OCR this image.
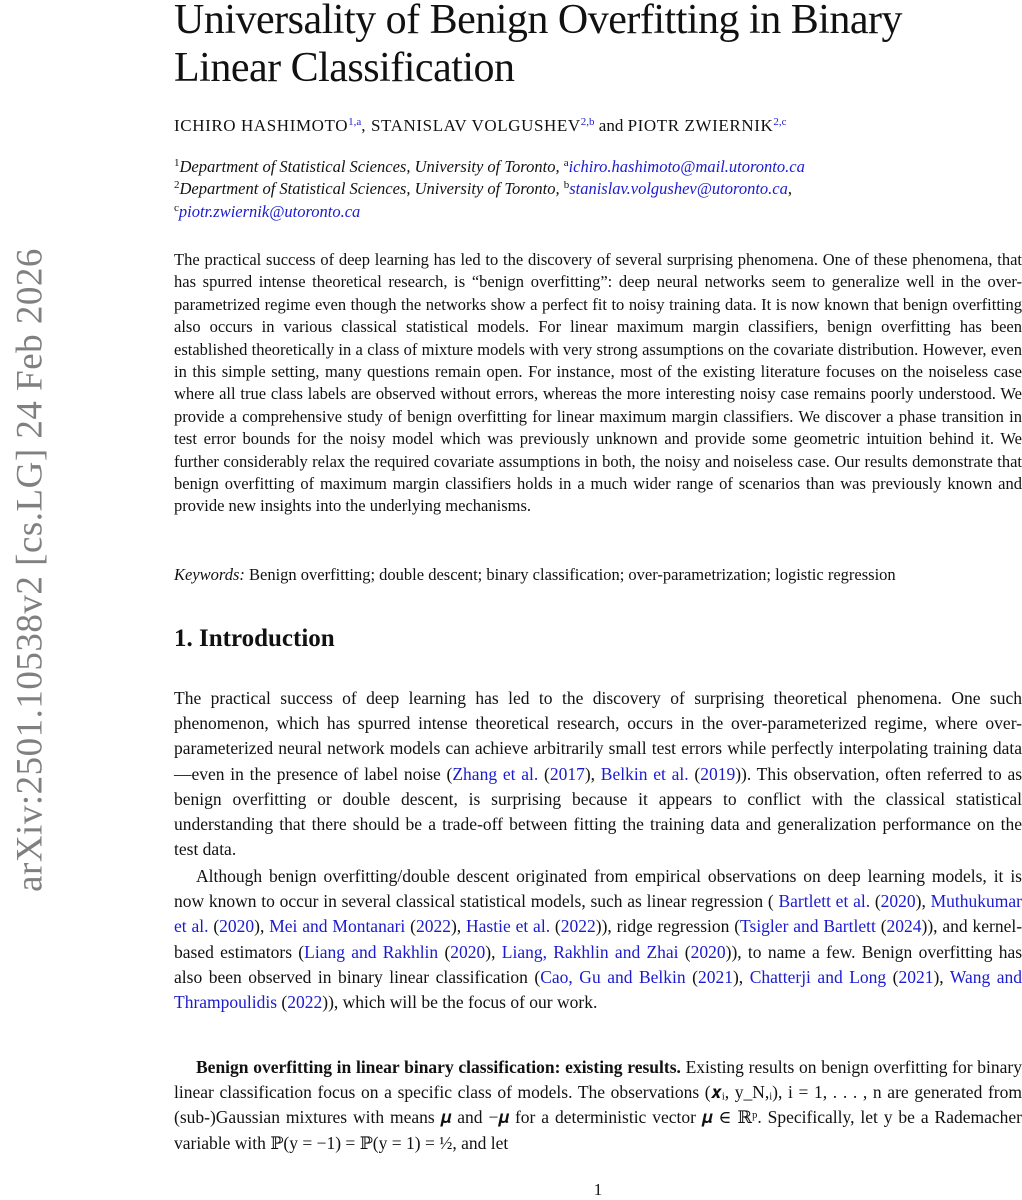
arXiv:2501.10538v2 [cs.LG] 24 Feb 2026
Universality of Benign Overfitting in Binary
Linear Classification
ICHIRO HASHIMOTO$^{1,a}$, STANISLAV VOLGUSHEV$^{2,b}$ and PIOTR ZWIERNIK$^{2,c}$
$^1$Department of Statistical Sciences, University of Toronto, $^a$ichiro.hashimoto@mail.utoronto.ca
$^2$Department of Statistical Sciences, University of Toronto, $^b$stanislav.volgushev@utoronto.ca,
$^c$piotr.zwiernik@utoronto.ca

The practical success of deep learning has led to the discovery of several surprising phenomena. One of these phenomena, that has spurred intense theoretical research, is “benign overfitting”: deep neural networks seem to generalize well in the over-parametrized regime even though the networks show a perfect fit to noisy training data. It is now known that benign overfitting also occurs in various classical statistical models. For linear maximum margin classifiers, benign overfitting has been established theoretically in a class of mixture models with very strong assumptions on the covariate distribution. However, even in this simple setting, many questions remain open. For instance, most of the existing literature focuses on the noiseless case where all true class labels are observed without errors, whereas the more interesting noisy case remains poorly understood. We provide a comprehensive study of benign overfitting for linear maximum margin classifiers. We discover a phase transition in test error bounds for the noisy model which was previously unknown and provide some geometric intuition behind it. We further considerably relax the required covariate assumptions in both, the noisy and noiseless case. Our results demonstrate that benign overfitting of maximum margin classifiers holds in a much wider range of scenarios than was previously known and provide new insights into the underlying mechanisms.

Keywords: Benign overfitting; double descent; binary classification; over-parametrization; logistic regression
1. Introduction

The practical success of deep learning has led to the discovery of surprising theoretical phenomena. One such phenomenon, which has spurred intense theoretical research, occurs in the over-parameterized regime, where over-parameterized neural network models can achieve arbitrarily small test errors while perfectly interpolating training data—even in the presence of label noise (Zhang et al. (2017), Belkin et al. (2019)). This observation, often referred to as benign overfitting or double descent, is surprising because it appears to conflict with the classical statistical understanding that there should be a trade-off between fitting the training data and generalization performance on the test data.

Although benign overfitting/double descent originated from empirical observations on deep learning models, it is now known to occur in several classical statistical models, such as linear regression ( Bartlett et al. (2020), Muthukumar et al. (2020), Mei and Montanari (2022), Hastie et al. (2022)), ridge regression (Tsigler and Bartlett (2024)), and kernel-based estimators (Liang and Rakhlin (2020), Liang, Rakhlin and Zhai (2020)), to name a few. Benign overfitting has also been observed in binary linear classification (Cao, Gu and Belkin (2021), Chatterji and Long (2021), Wang and Thrampoulidis (2022)), which will be the focus of our work.

Benign overfitting in linear binary classification: existing results. Existing results on benign overfitting for binary linear classification focus on a specific class of models. The observations (𝒙ᵢ, y_N,ᵢ), i = 1, . . . , n are generated from (sub-)Gaussian mixtures with means 𝝁 and −𝝁 for a deterministic vector 𝝁 ∈ ℝᵖ. Specifically, let y be a Rademacher variable with ℙ(y = −1) = ℙ(y = 1) = ½, and let

1
